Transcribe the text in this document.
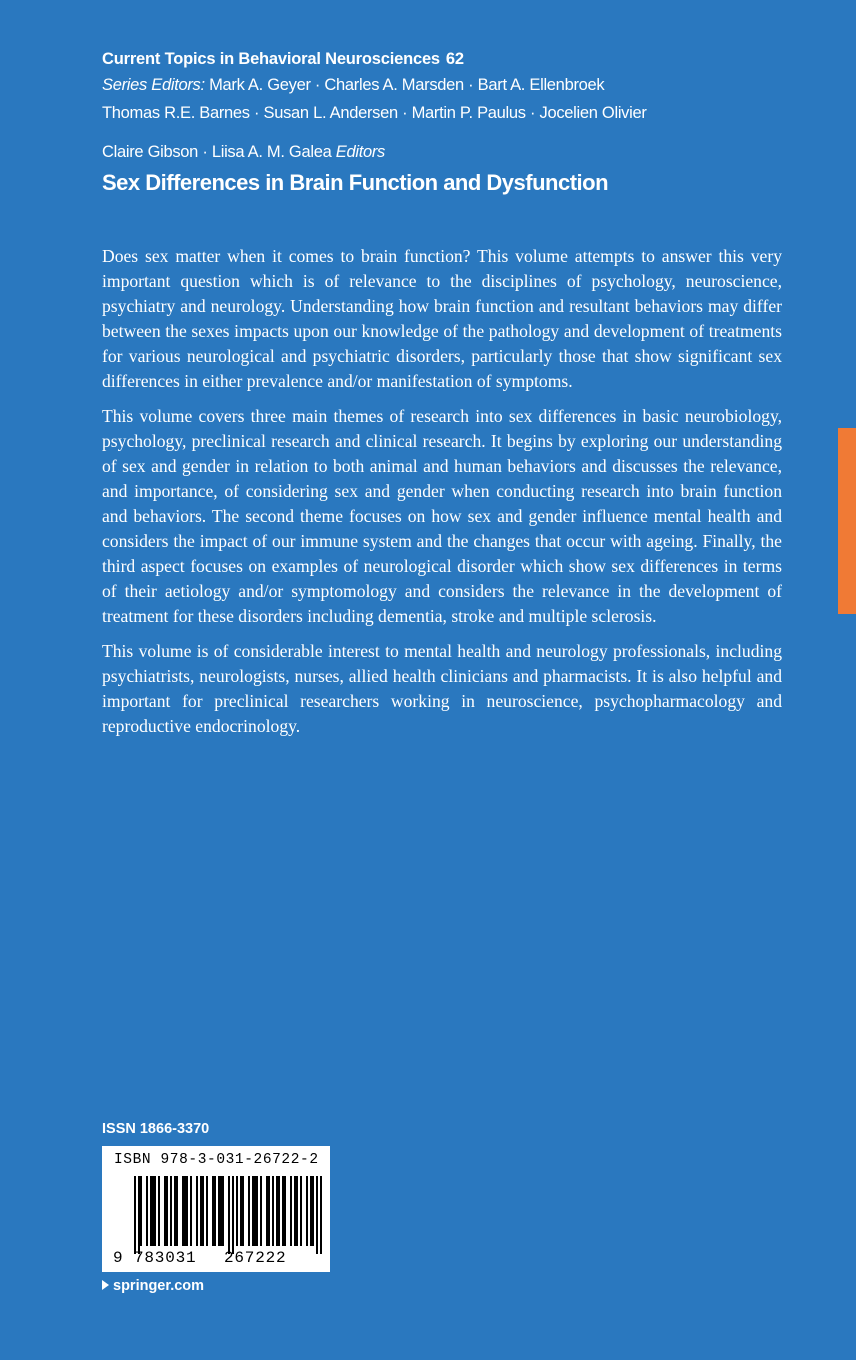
Current Topics in Behavioral Neurosciences 62
Series Editors: Mark A. Geyer · Charles A. Marsden · Bart A. Ellenbroek
Thomas R.E. Barnes · Susan L. Andersen · Martin P. Paulus · Jocelien Olivier
Claire Gibson · Liisa A. M. Galea Editors
Sex Differences in Brain Function and Dysfunction

Does sex matter when it comes to brain function? This volume attempts to answer this very important question which is of relevance to the disciplines of psychology, neuroscience, psychiatry and neurology. Understanding how brain function and resultant behaviors may differ between the sexes impacts upon our knowledge of the pathology and development of treatments for various neurological and psychiatric disorders, particularly those that show significant sex differences in either prevalence and/or manifestation of symptoms.

This volume covers three main themes of research into sex differences in basic neurobiology, psychology, preclinical research and clinical research. It begins by exploring our understanding of sex and gender in relation to both animal and human behaviors and discusses the relevance, and importance, of considering sex and gender when conducting research into brain function and behaviors. The second theme focuses on how sex and gender influence mental health and considers the impact of our immune system and the changes that occur with ageing. Finally, the third aspect focuses on examples of neurological disorder which show sex differences in terms of their aetiology and/or symptomology and considers the relevance in the development of treatment for these disorders including dementia, stroke and multiple sclerosis.

This volume is of considerable interest to mental health and neurology professionals, including psychiatrists, neurologists, nurses, allied health clinicians and pharmacists. It is also helpful and important for preclinical researchers working in neuroscience, psychopharmacology and reproductive endocrinology.

ISSN 1866-3370
ISBN 978-3-031-26722-2
9 783031 267222
springer.com
